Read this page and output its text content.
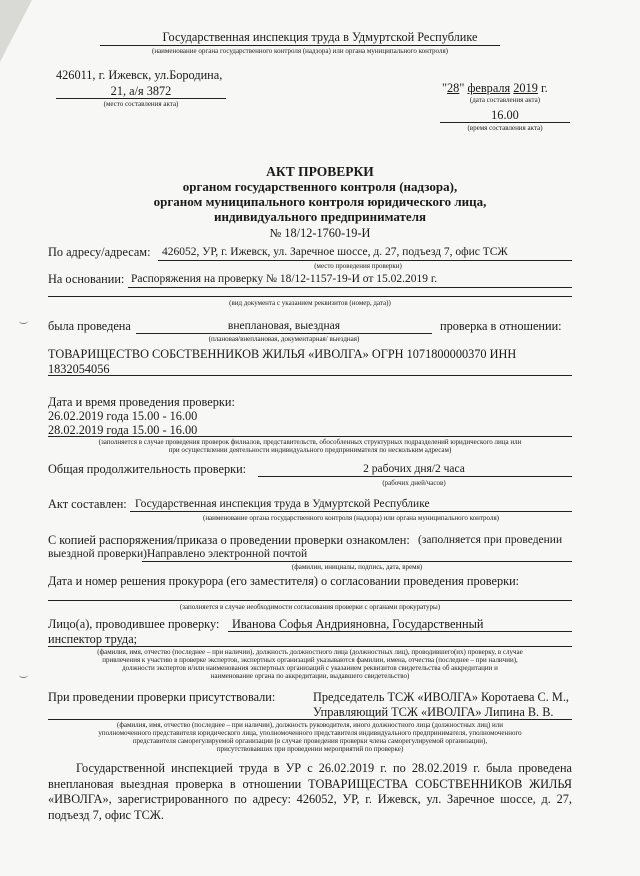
Государственная инспекция труда в Удмуртской Республике
(наименование органа государственного контроля (надзора) или органа муниципального контроля)
426011, г. Ижевск, ул.Бородина,
21, а/я 3872
(место составления акта)
"28" февраля 2019 г.
(дата составления акта)
16.00
(время составления акта)
АКТ ПРОВЕРКИ
органом государственного контроля (надзора),
органом муниципального контроля юридического лица,
индивидуального предпринимателя
№ 18/12-1760-19-И
По адресу/адресам: 426052, УР, г. Ижевск, ул. Заречное шоссе, д. 27, подъезд 7, офис ТСЖ
(место проведения проверки)
На основании: Распоряжения на проверку № 18/12-1157-19-И от 15.02.2019 г.
(вид документа с указанием реквизитов (номер, дата))
была проведена	внеплановая, выездная	проверка в отношении:
(плановая/внеплановая, документарная/ выездная)
ТОВАРИЩЕСТВО СОБСТВЕННИКОВ ЖИЛЬЯ «ИВОЛГА» ОГРН 1071800000370 ИНН
1832054056
Дата и время проведения проверки:
26.02.2019 года 15.00 - 16.00
28.02.2019 года 15.00 - 16.00
(заполняется в случае проведения проверок филиалов, представительств, обособленных структурных подразделений юридического лица или
при осуществлении деятельности индивидуального предпринимателя по нескольким адресам)
Общая продолжительность проверки:	2 рабочих дня/2 часа
(рабочих дней/часов)
Акт составлен: Государственная инспекция труда в Удмуртской Республике
(наименование органа государственного контроля (надзора) или органа муниципального контроля)
С копией распоряжения/приказа о проведении проверки ознакомлен: (заполняется при проведении
выездной проверки) Направлено электронной почтой
(фамилии, инициалы, подпись, дата, время)
Дата и номер решения прокурора (его заместителя) о согласовании проведения проверки:
(заполняется в случае необходимости согласования проверки с органами прокуратуры)
Лицо(а), проводившее проверку: Иванова Софья Андрияновна, Государственный
инспектор труда;
(фамилия, имя, отчество (последнее – при наличии), должность должностного лица (должностных лиц), проводившего(их) проверку, в случае
привлечения к участию в проверке экспертов, экспертных организаций указываются фамилии, имена, отчества (последнее – при наличии),
должности экспертов и/или наименования экспертных организаций с указанием реквизитов свидетельства об аккредитации и
наименование органа по аккредитации, выдавшего свидетельство)
При проведении проверки присутствовали:	Председатель ТСЖ «ИВОЛГА» Коротаева С. М.,
Управляющий ТСЖ «ИВОЛГА» Липина В. В.
(фамилия, имя, отчество (последнее – при наличии), должность руководителя, иного должностного лица (должностных лиц) или
уполномоченного представителя юридического лица, уполномоченного представителя индивидуального предпринимателя, уполномоченного
представителя саморегулируемой организации (в случае проведения проверки члена саморегулируемой организации),
присутствовавших при проведении мероприятий по проверке)
Государственной инспекцией труда в УР с 26.02.2019 г. по 28.02.2019 г. была проведена внеплановая выездная проверка в отношении ТОВАРИЩЕСТВА СОБСТВЕННИКОВ ЖИЛЬЯ «ИВОЛГА», зарегистрированного по адресу: 426052, УР, г. Ижевск, ул. Заречное шоссе, д. 27, подъезд 7, офис ТСЖ.
